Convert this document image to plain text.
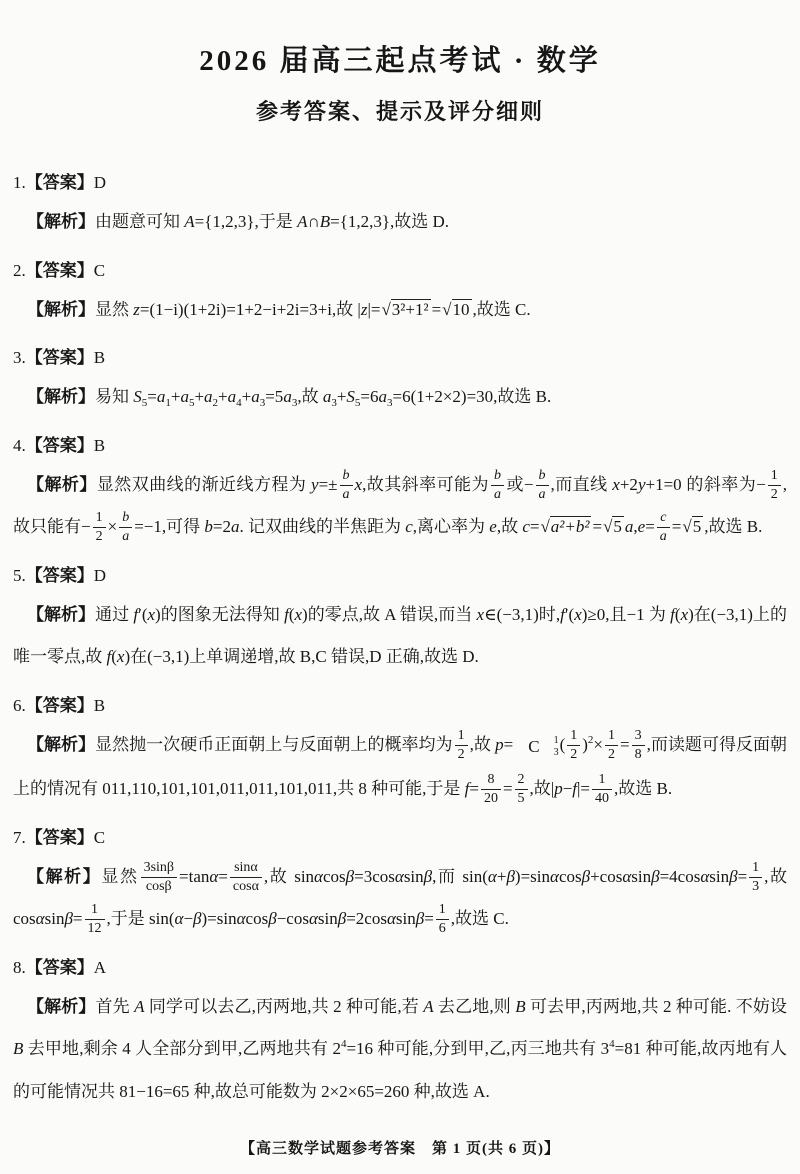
2026 届高三起点考试 · 数学
参考答案、提示及评分细则

1.【答案】D

【解析】由题意可知 A={1,2,3},于是 A∩B={1,2,3},故选 D.

2.【答案】C

【解析】显然 z=(1−i)(1+2i)=1+2−i+2i=3+i,故 |z|=√3²+1² =√10 ,故选 C.

3.【答案】B

【解析】易知 $S_5=a_1+a_5+a_2+a_4+a_3=5a_3$,故 $a_3+S_5=6a_3=6(1+2\times 2)=30$,故选 B.

4.【答案】B

【解析】显然双曲线的渐近线方程为 $y=\pm \frac{b}{a} x$,故其斜率可能为 $\frac{b}{a}$ 或− $\frac{b}{a}$ ,而直线 x+2y+1=0 的斜率为− $\frac{1}{2}$ ,故只能有− $\frac{1}{2} \times \frac{b}{a} =-1$,可得 b=2a. 记双曲线的半焦距为 c,离心率为 e,故 c=√a²+b² =√5 $a,e= \frac{c}{a} =√5$ ,故选 B.

5.【答案】D

【解析】通过 f′(x)的图象无法得知 f(x)的零点,故 A 错误,而当 x∈(−3,1)时,f′(x)≥0,且−1 为 f(x)在(−3,1)上的唯一零点,故 f(x)在(−3,1)上单调递增,故 B,C 错误,D 正确,故选 D.

6.【答案】B

【解析】显然抛一次硬币正面朝上与反面朝上的概率均为 $\frac{1}{2}$ ,故 p= C	1
3 ( $\frac{1}{2} )^2\times \frac{1}{2} = \frac{3}{8}$ ,而读题可得反面朝上的情况有 011,110,101,101,011,011,101,011,共 8 种可能,于是 $f= \frac{8}{20} = \frac{2}{5}$ ,故$|p-f|= \frac{1}{40}$ ,故选 B.

7.【答案】C

【解析】显然 $\frac{3\sin\beta}{\cos\beta} =\tan\alpha= \frac{\sin\alpha}{\cos\alpha}$ ,故 sinαcosβ=3cosαsinβ,而 $\sin(\alpha+\beta)=\sin\alpha\cos\beta+\cos\alpha\sin\beta=4\cos\alpha\sin\beta= \frac{1}{3}$ ,故 $\cos\alpha\sin\beta= \frac{1}{12}$ ,于是 $\sin(\alpha-\beta)=\sin\alpha\cos\beta-\cos\alpha\sin\beta=2\cos\alpha\sin\beta= \frac{1}{6}$ ,故选 C.

8.【答案】A

【解析】首先 A 同学可以去乙,丙两地,共 2 种可能,若 A 去乙地,则 B 可去甲,丙两地,共 2 种可能. 不妨设 B 去甲地,剩余 4 人全部分到甲,乙两地共有 $2^4=16$ 种可能,分到甲,乙,丙三地共有 $3^4=81$ 种可能,故丙地有人的可能情况共 81−16=65 种,故总可能数为 2×2×65=260 种,故选 A.

【高三数学试题参考答案　第 1 页(共 6 页)】
